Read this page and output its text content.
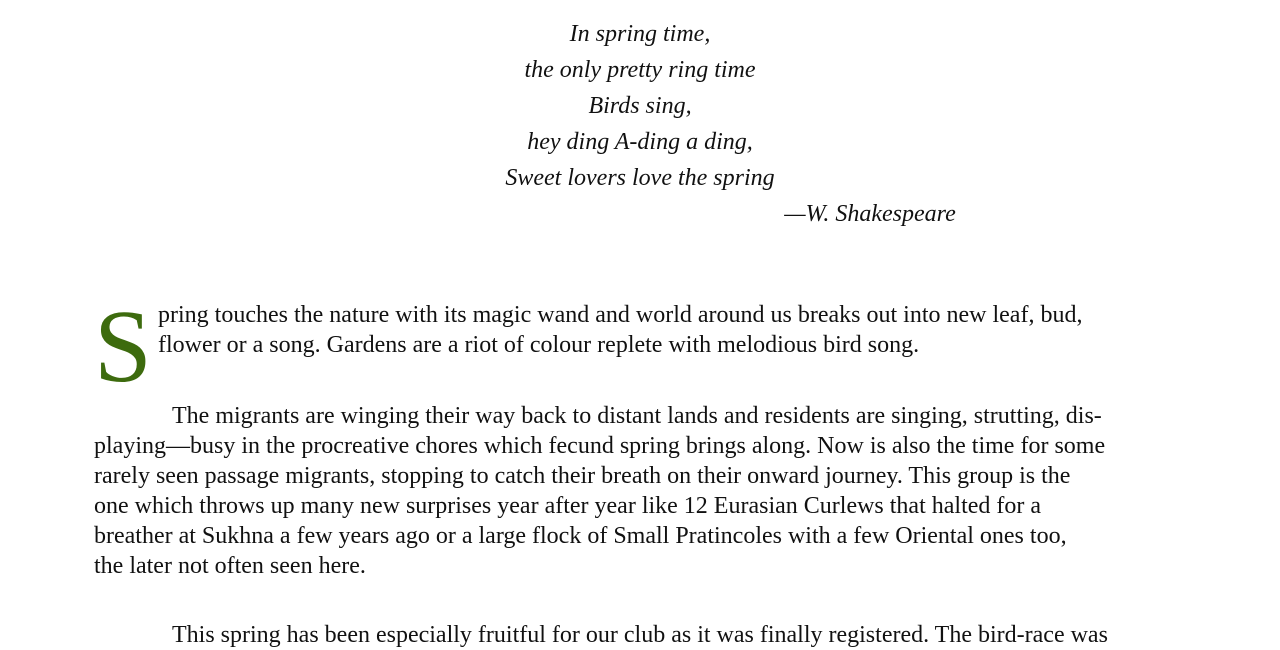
In spring time,
the only pretty ring time
Birds sing,
hey ding A-ding a ding,
Sweet lovers love the spring
—W. Shakespeare
S pring touches the nature with its magic wand and world around us breaks out into new leaf, bud,
flower or a song. Gardens are a riot of colour replete with melodious bird song.
The migrants are winging their way back to distant lands and residents are singing, strutting, dis-
playing—busy in the procreative chores which fecund spring brings along. Now is also the time for some
rarely seen passage migrants, stopping to catch their breath on their onward journey. This group is the
one which throws up many new surprises year after year like 12 Eurasian Curlews that halted for a
breather at Sukhna a few years ago or a large flock of Small Pratincoles with a few Oriental ones too,
the later not often seen here.
This spring has been especially fruitful for our club as it was finally registered. The bird-race was
